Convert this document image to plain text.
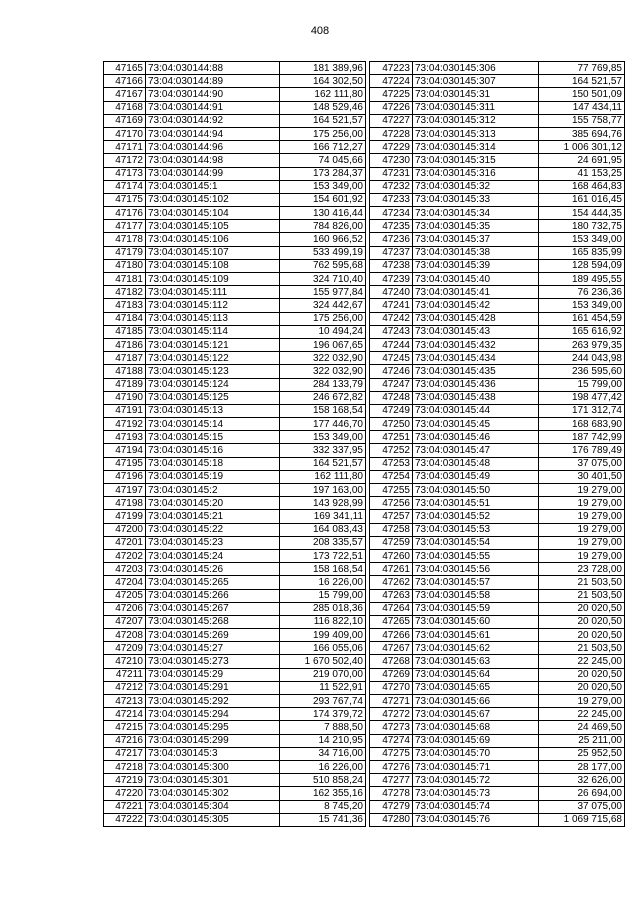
408
47165	73:04:030144:88	181 389,96
47166	73:04:030144:89	164 302,50
47167	73:04:030144:90	162 111,80
47168	73:04:030144:91	148 529,46
47169	73:04:030144:92	164 521,57
47170	73:04:030144:94	175 256,00
47171	73:04:030144:96	166 712,27
47172	73:04:030144:98	74 045,66
47173	73:04:030144:99	173 284,37
47174	73:04:030145:1	153 349,00
47175	73:04:030145:102	154 601,92
47176	73:04:030145:104	130 416,44
47177	73:04:030145:105	784 826,00
47178	73:04:030145:106	160 966,52
47179	73:04:030145:107	533 499,19
47180	73:04:030145:108	762 595,68
47181	73:04:030145:109	324 710,40
47182	73:04:030145:111	155 977,84
47183	73:04:030145:112	324 442,67
47184	73:04:030145:113	175 256,00
47185	73:04:030145:114	10 494,24
47186	73:04:030145:121	196 067,65
47187	73:04:030145:122	322 032,90
47188	73:04:030145:123	322 032,90
47189	73:04:030145:124	284 133,79
47190	73:04:030145:125	246 672,82
47191	73:04:030145:13	158 168,54
47192	73:04:030145:14	177 446,70
47193	73:04:030145:15	153 349,00
47194	73:04:030145:16	332 337,95
47195	73:04:030145:18	164 521,57
47196	73:04:030145:19	162 111,80
47197	73:04:030145:2	197 163,00
47198	73:04:030145:20	143 928,99
47199	73:04:030145:21	169 341,11
47200	73:04:030145:22	164 083,43
47201	73:04:030145:23	208 335,57
47202	73:04:030145:24	173 722,51
47203	73:04:030145:26	158 168,54
47204	73:04:030145:265	16 226,00
47205	73:04:030145:266	15 799,00
47206	73:04:030145:267	285 018,36
47207	73:04:030145:268	116 822,10
47208	73:04:030145:269	199 409,00
47209	73:04:030145:27	166 055,06
47210	73:04:030145:273	1 670 502,40
47211	73:04:030145:29	219 070,00
47212	73:04:030145:291	11 522,91
47213	73:04:030145:292	293 767,74
47214	73:04:030145:294	174 379,72
47215	73:04:030145:295	7 888,50
47216	73:04:030145:299	14 210,95
47217	73:04:030145:3	34 716,00
47218	73:04:030145:300	16 226,00
47219	73:04:030145:301	510 858,24
47220	73:04:030145:302	162 355,16
47221	73:04:030145:304	8 745,20
47222	73:04:030145:305	15 741,36
47223	73:04:030145:306	77 769,85
47224	73:04:030145:307	164 521,57
47225	73:04:030145:31	150 501,09
47226	73:04:030145:311	147 434,11
47227	73:04:030145:312	155 758,77
47228	73:04:030145:313	385 694,76
47229	73:04:030145:314	1 006 301,12
47230	73:04:030145:315	24 691,95
47231	73:04:030145:316	41 153,25
47232	73:04:030145:32	168 464,83
47233	73:04:030145:33	161 016,45
47234	73:04:030145:34	154 444,35
47235	73:04:030145:35	180 732,75
47236	73:04:030145:37	153 349,00
47237	73:04:030145:38	165 835,99
47238	73:04:030145:39	128 594,09
47239	73:04:030145:40	189 495,55
47240	73:04:030145:41	76 236,36
47241	73:04:030145:42	153 349,00
47242	73:04:030145:428	161 454,59
47243	73:04:030145:43	165 616,92
47244	73:04:030145:432	263 979,35
47245	73:04:030145:434	244 043,98
47246	73:04:030145:435	236 595,60
47247	73:04:030145:436	15 799,00
47248	73:04:030145:438	198 477,42
47249	73:04:030145:44	171 312,74
47250	73:04:030145:45	168 683,90
47251	73:04:030145:46	187 742,99
47252	73:04:030145:47	176 789,49
47253	73:04:030145:48	37 075,00
47254	73:04:030145:49	30 401,50
47255	73:04:030145:50	19 279,00
47256	73:04:030145:51	19 279,00
47257	73:04:030145:52	19 279,00
47258	73:04:030145:53	19 279,00
47259	73:04:030145:54	19 279,00
47260	73:04:030145:55	19 279,00
47261	73:04:030145:56	23 728,00
47262	73:04:030145:57	21 503,50
47263	73:04:030145:58	21 503,50
47264	73:04:030145:59	20 020,50
47265	73:04:030145:60	20 020,50
47266	73:04:030145:61	20 020,50
47267	73:04:030145:62	21 503,50
47268	73:04:030145:63	22 245,00
47269	73:04:030145:64	20 020,50
47270	73:04:030145:65	20 020,50
47271	73:04:030145:66	19 279,00
47272	73:04:030145:67	22 245,00
47273	73:04:030145:68	24 469,50
47274	73:04:030145:69	25 211,00
47275	73:04:030145:70	25 952,50
47276	73:04:030145:71	28 177,00
47277	73:04:030145:72	32 626,00
47278	73:04:030145:73	26 694,00
47279	73:04:030145:74	37 075,00
47280	73:04:030145:76	1 069 715,68
